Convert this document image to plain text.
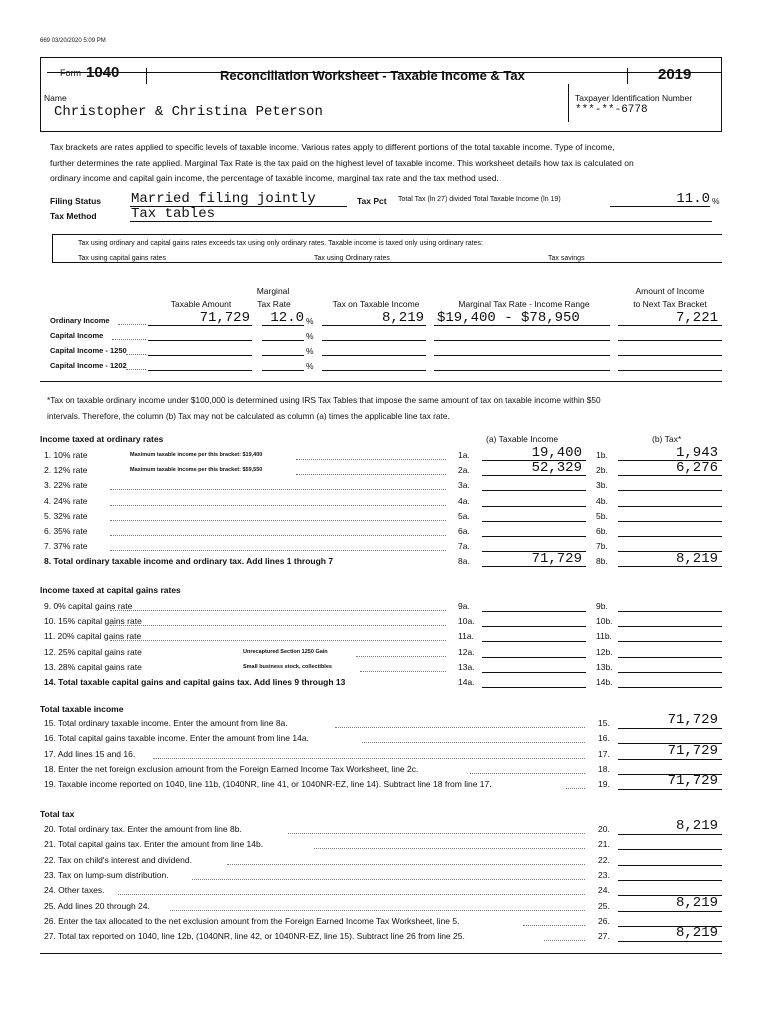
669 03/20/2020 5:09 PM
Form 1040	Reconciliation Worksheet - Taxable Income & Tax	2019
Name
Christopher & Christina Peterson
Taxpayer Identification Number
***-**-6778
Tax brackets are rates applied to specific levels of taxable income. Various rates apply to different portions of the total taxable income. Type of income,
further determines the rate applied. Marginal Tax Rate is the tax paid on the highest level of taxable income. This worksheet details how tax is calculated on
ordinary income and capital gain income, the percentage of taxable income, marginal tax rate and the tax method used.
Filing Status Married filing jointly
Tax Method Tax tables
Tax Pct Total Tax (ln 27) divided Total Taxable Income (ln 19)	11.0 %
Tax using ordinary and capital gains rates exceeds tax using only ordinary rates. Taxable income is taxed only using ordinary rates:
Tax using capital gains rates	Tax using Ordinary rates	Tax savings
Marginal
Taxable Amount	Tax Rate	Tax on Taxable Income	Marginal Tax Rate - Income Range
Amount of Income
to Next Tax Bracket
Ordinary Income	71,729	12.0 %	8,219 $19,400 - $78,950	7,221
Capital Income	%
Capital Income - 1250	%
Capital Income - 1202	%
*Tax on taxable ordinary income under $100,000 is determined using IRS Tax Tables that impose the same amount of tax on taxable income within $50
intervals. Therefore, the column (b) Tax may not be calculated as column (a) times the applicable line tax rate.
Income taxed at ordinary rates	(a) Taxable Income	(b) Tax*
1. 10% rate	Maximum taxable income per this bracket: $19,400	1a.	19,400 1b.	1,943
2. 12% rate	Maximum taxable income per this bracket: $59,550	2a.	52,329 2b.	6,276
3. 22% rate	3a.	3b.
4. 24% rate	4a.	4b.
5. 32% rate	5a.	5b.
6. 35% rate	6a.	6b.
7. 37% rate	7a.	7b.
8. Total ordinary taxable income and ordinary tax. Add lines 1 through 7	8a.	71,729 8b.	8,219
Income taxed at capital gains rates
9. 0% capital gains rate	9a.	9b.
10. 15% capital gains rate	10a.	10b.
11. 20% capital gains rate	11a.	11b.
12. 25% capital gains rate	Unrecaptured Section 1250 Gain	12a.	12b.
13. 28% capital gains rate	Small business stock, collectibles	13a.	13b.
14. Total taxable capital gains and capital gains tax. Add lines 9 through 13	14a.	14b.
Total taxable income
15. Total ordinary taxable income. Enter the amount from line 8a.	15.	71,729
16. Total capital gains taxable income. Enter the amount from line 14a.	16.
17. Add lines 15 and 16.	17.	71,729
18. Enter the net foreign exclusion amount from the Foreign Earned Income Tax Worksheet, line 2c.	18.
19. Taxable income reported on 1040, line 11b, (1040NR, line 41, or 1040NR-EZ, line 14). Subtract line 18 from line 17.	19.	71,729
Total tax
20. Total ordinary tax. Enter the amount from line 8b.	20.	8,219
21. Total capital gains tax. Enter the amount from line 14b.	21.
22. Tax on child's interest and dividend.	22.
23. Tax on lump-sum distribution.	23.
24. Other taxes.	24.
25. Add lines 20 through 24.	25.	8,219
26. Enter the tax allocated to the net exclusion amount from the Foreign Earned Income Tax Worksheet, line 5.	26.
27. Total tax reported on 1040, line 12b, (1040NR, line 42, or 1040NR-EZ, line 15). Subtract line 26 from line 25.	27.	8,219
